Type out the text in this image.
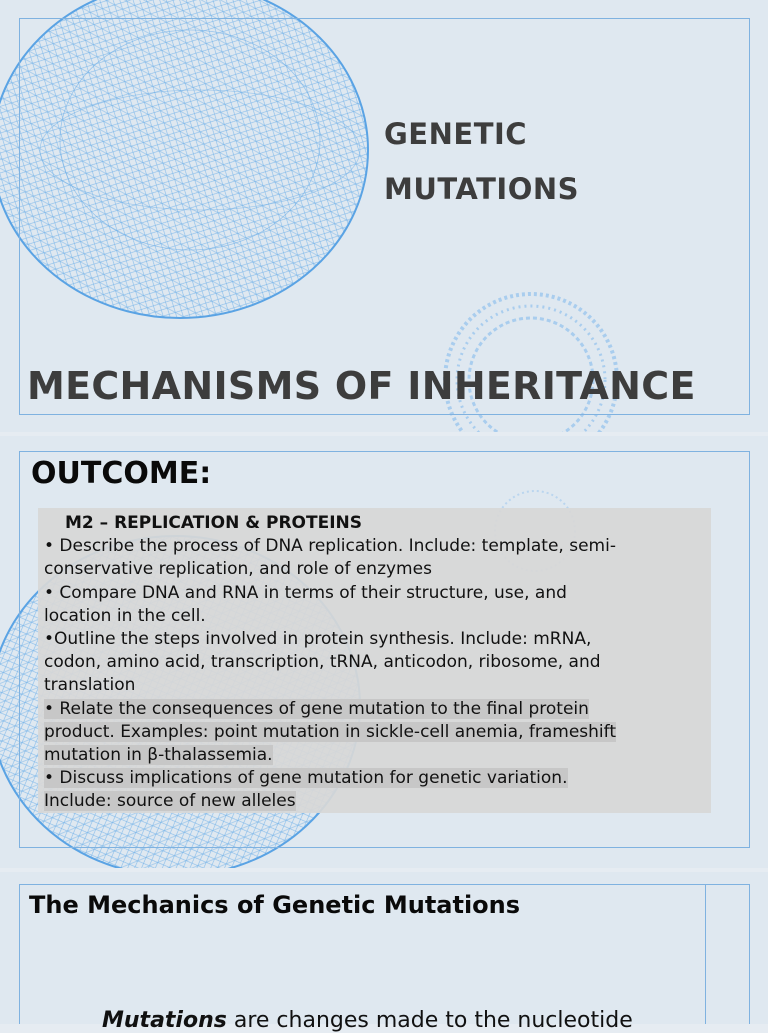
GENETIC
MUTATIONS
MECHANISMS OF INHERITANCE
OUTCOME:
M2 – REPLICATION & PROTEINS
• Describe the process of DNA replication. Include: template, semi-
conservative replication, and role of enzymes
• Compare DNA and RNA in terms of their structure, use, and
location in the cell.
•Outline the steps involved in protein synthesis. Include: mRNA,
codon, amino acid, transcription, tRNA, anticodon, ribosome, and
translation
• Relate the consequences of gene mutation to the final protein
product. Examples: point mutation in sickle-cell anemia, frameshift
mutation in β-thalassemia.
• Discuss implications of gene mutation for genetic variation.
Include: source of new alleles
The Mechanics of Genetic Mutations

Mutations are changes made to the nucleotide
